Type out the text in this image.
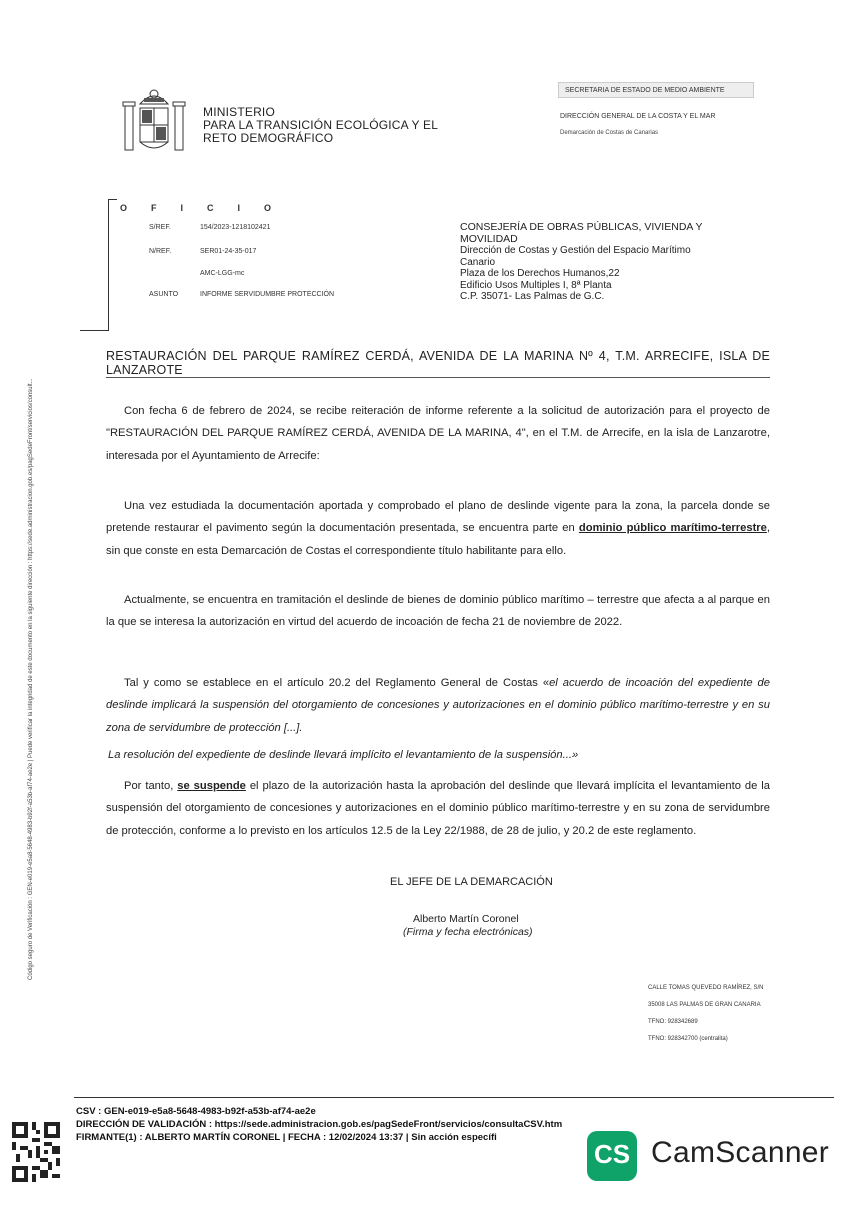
Código seguro de Verificación : GEN-e019-e5a8-5648-4983-b92f-a53b-af74-ae2e | Puede verificar la integridad de este documento en la siguiente dirección : https://sede.administracion.gob.es/pagSedeFront/servicios/consult...
MINISTERIO
PARA LA TRANSICIÓN ECOLÓGICA Y EL
RETO DEMOGRÁFICO
SECRETARIA DE ESTADO DE MEDIO AMBIENTE
DIRECCIÓN GENERAL DE LA COSTA Y EL MAR
Demarcación de Costas de Canarias
OFICIO
S/REF.	154/2023-1218102421
N/REF.	SER01-24-35-017
AMC-LGG-mc
ASUNTO	INFORME SERVIDUMBRE PROTECCIÓN
CONSEJERÍA DE OBRAS PÚBLICAS, VIVIENDA Y
MOVILIDAD
Dirección de Costas y Gestión del Espacio Marítimo
Canario
Plaza de los Derechos Humanos,22
Edificio Usos Multiples I, 8ª Planta
C.P. 35071- Las Palmas de G.C.
RESTAURACIÓN DEL PARQUE RAMÍREZ CERDÁ, AVENIDA DE LA MARINA Nº 4, T.M. ARRECIFE, ISLA DE LANZAROTE
Con fecha 6 de febrero de 2024, se recibe reiteración de informe referente a la solicitud de autorización para el proyecto de "RESTAURACIÓN DEL PARQUE RAMÍREZ CERDÁ, AVENIDA DE LA MARINA, 4", en el T.M. de Arrecife, en la isla de Lanzarotre, interesada por el Ayuntamiento de Arrecife:
Una vez estudiada la documentación aportada y comprobado el plano de deslinde vigente para la zona, la parcela donde se pretende restaurar el pavimento según la documentación presentada, se encuentra parte en dominio público marítimo-terrestre, sin que conste en esta Demarcación de Costas el correspondiente título habilitante para ello.
Actualmente, se encuentra en tramitación el deslinde de bienes de dominio público marítimo – terrestre que afecta a al parque en la que se interesa la autorización en virtud del acuerdo de incoación de fecha 21 de noviembre de 2022.
Tal y como se establece en el artículo 20.2 del Reglamento General de Costas «el acuerdo de incoación del expediente de deslinde implicará la suspensión del otorgamiento de concesiones y autorizaciones en el dominio público marítimo-terrestre y en su zona de servidumbre de protección [...].
La resolución del expediente de deslinde llevará implícito el levantamiento de la suspensión...»
Por tanto, se suspende el plazo de la autorización hasta la aprobación del deslinde que llevará implícita el levantamiento de la suspensión del otorgamiento de concesiones y autorizaciones en el dominio público marítimo-terrestre y en su zona de servidumbre de protección, conforme a lo previsto en los artículos 12.5 de la Ley 22/1988, de 28 de julio, y 20.2 de este reglamento.
EL JEFE DE LA DEMARCACIÓN
Alberto Martín Coronel
(Firma y fecha electrónicas)
CALLE TOMAS QUEVEDO RAMÍREZ, S/N
35008 LAS PALMAS DE GRAN CANARIA
TFNO: 928342689
TFNO: 928342700 (centralita)
CSV : GEN-e019-e5a8-5648-4983-b92f-a53b-af74-ae2e
DIRECCIÓN DE VALIDACIÓN : https://sede.administracion.gob.es/pagSedeFront/servicios/consultaCSV.htm
FIRMANTE(1) : ALBERTO MARTÍN CORONEL | FECHA : 12/02/2024 13:37 | Sin acción específi
CS CamScanner
